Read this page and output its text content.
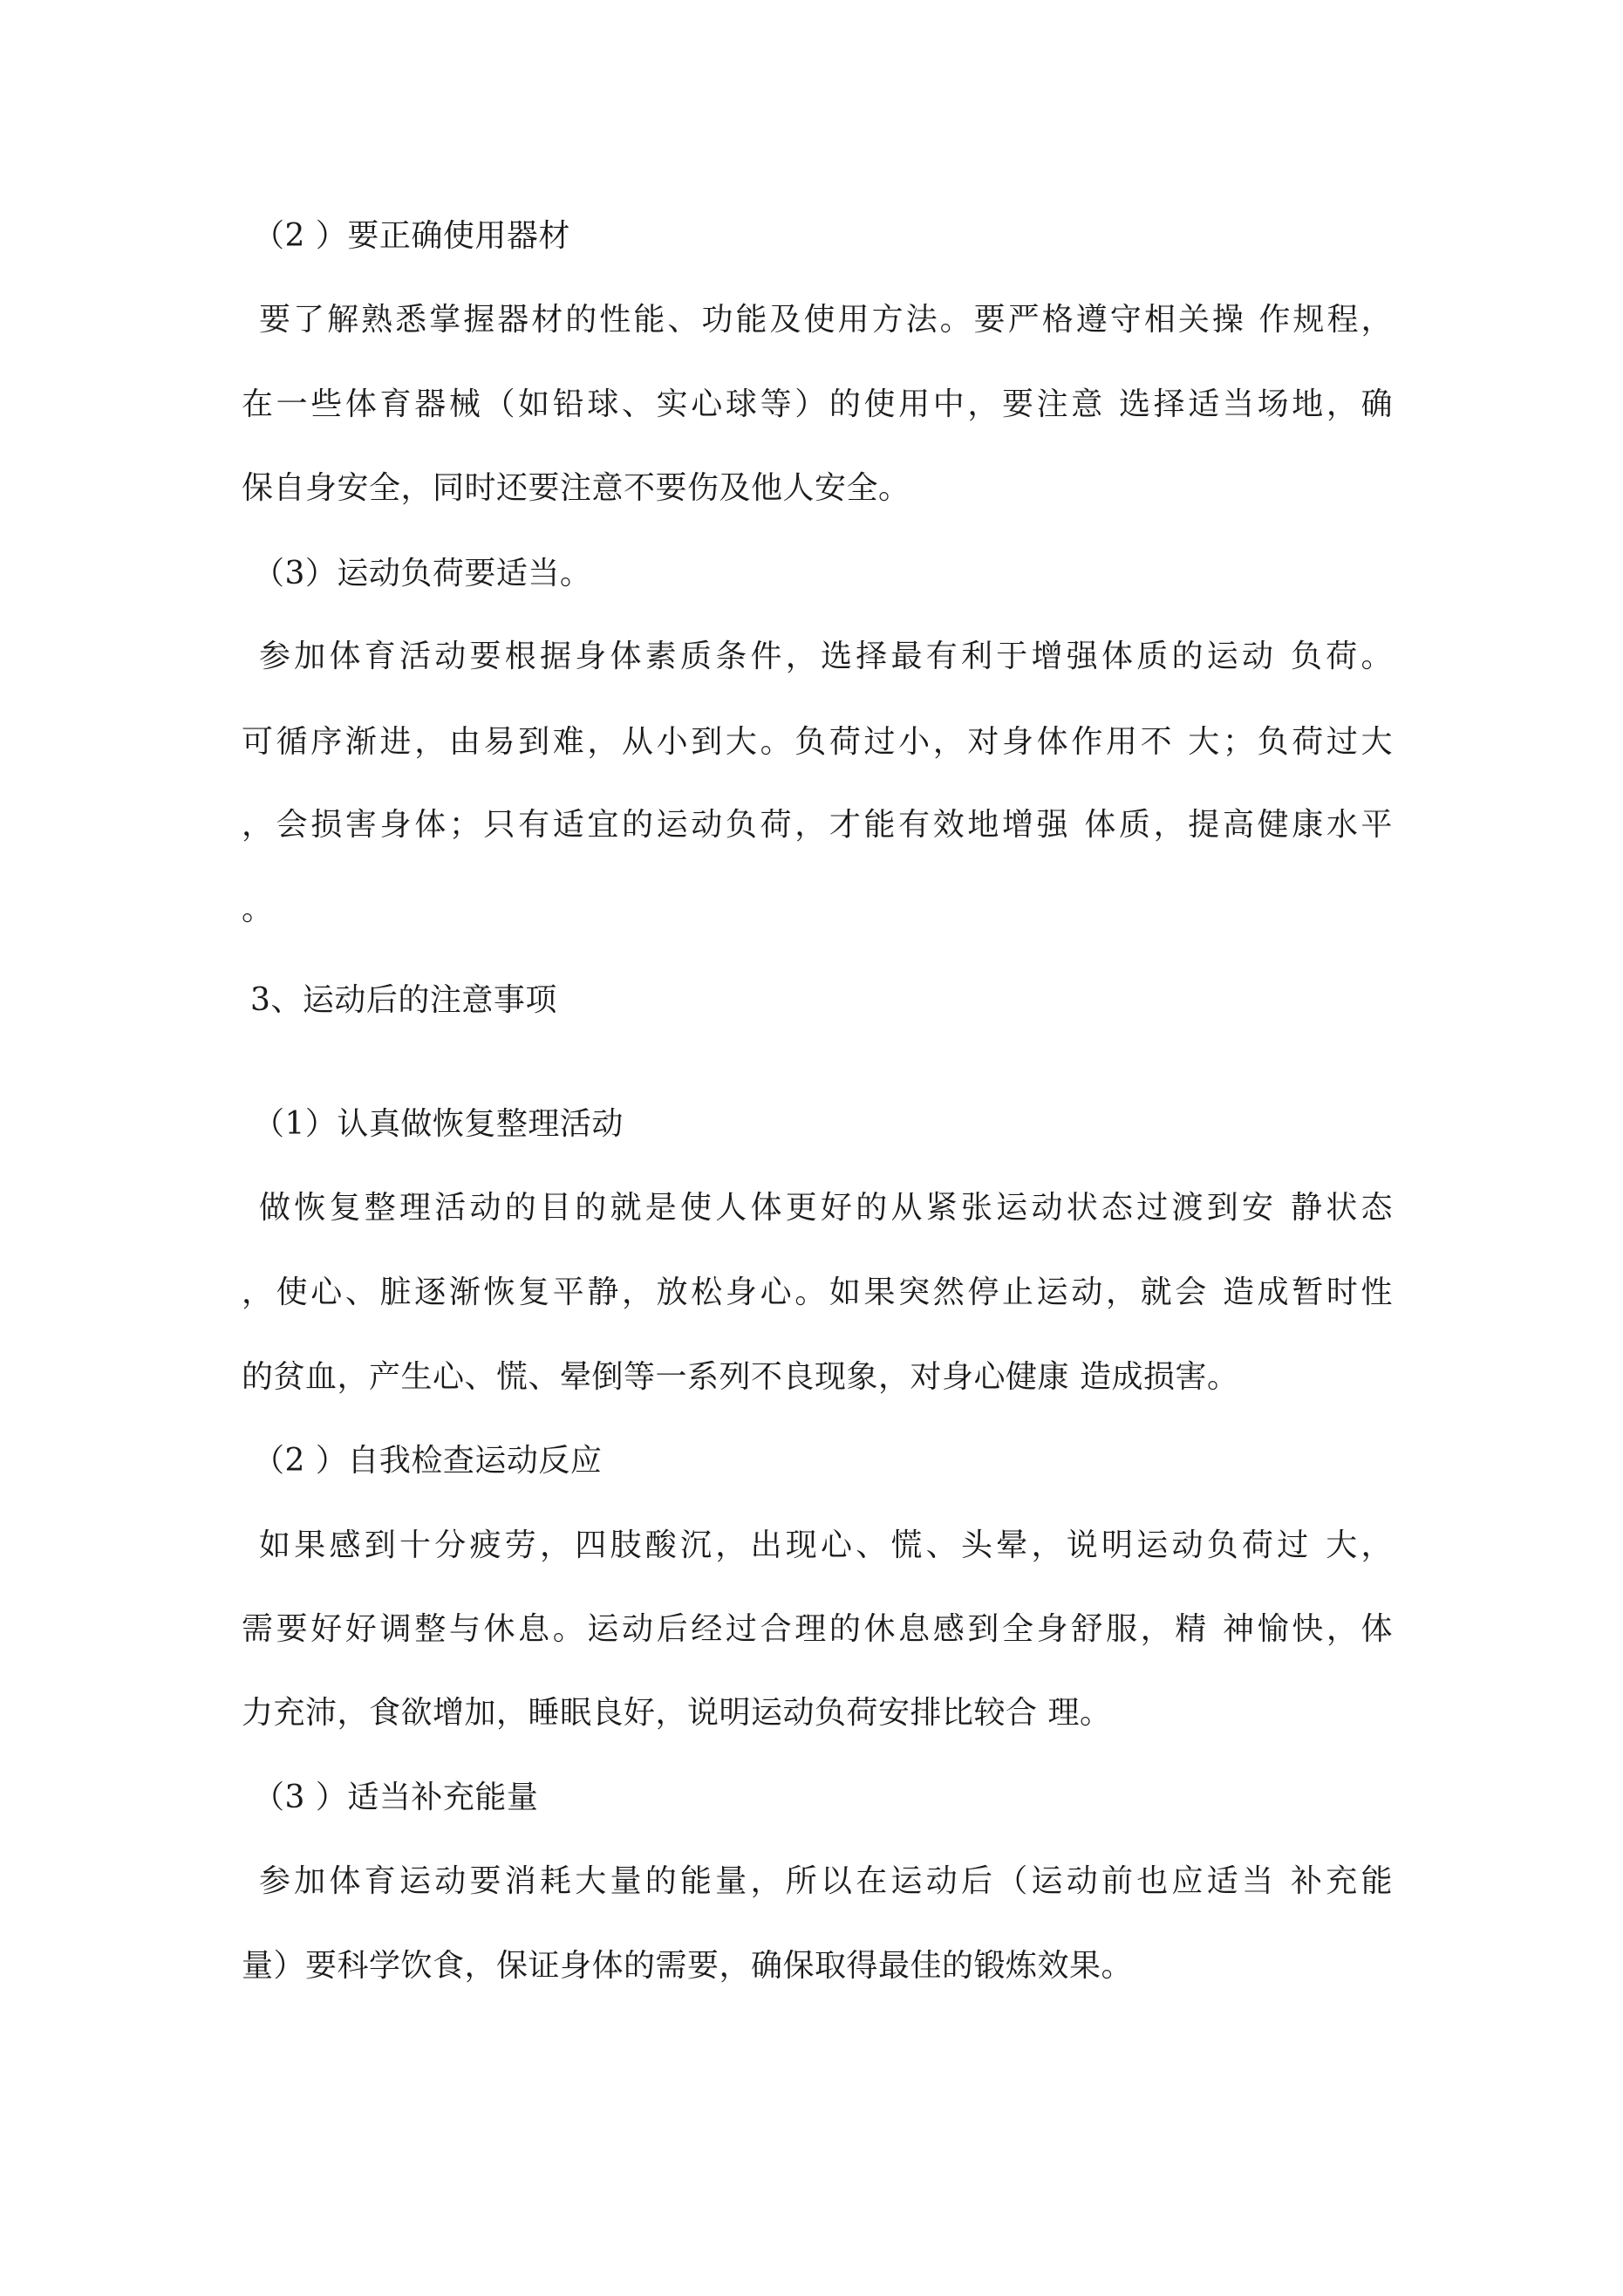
（2 ）要正确使用器材
要了解熟悉掌握器材的性能、功能及使用方法。要严格遵守相关操 作规程，
在一些体育器械（如铅球、实心球等）的使用中，要注意 选择适当场地，确
保自身安全，同时还要注意不要伤及他人安全。
（3）运动负荷要适当。
参加体育活动要根据身体素质条件，选择最有利于增强体质的运动 负荷。
可循序渐进，由易到难，从小到大。负荷过小，对身体作用不 大；负荷过大
，会损害身体；只有适宜的运动负荷，才能有效地增强 体质，提高健康水平
。
3、运动后的注意事项
（1）认真做恢复整理活动
做恢复整理活动的目的就是使人体更好的从紧张运动状态过渡到安 静状态
，使心、脏逐渐恢复平静，放松身心。如果突然停止运动，就会 造成暂时性
的贫血，产生心、慌、晕倒等一系列不良现象，对身心健康 造成损害。
（2 ）自我检查运动反应
如果感到十分疲劳，四肢酸沉，出现心、慌、头晕，说明运动负荷过 大，
需要好好调整与休息。运动后经过合理的休息感到全身舒服，精 神愉快，体
力充沛，食欲增加，睡眠良好，说明运动负荷安排比较合 理。
（3 ）适当补充能量
参加体育运动要消耗大量的能量，所以在运动后（运动前也应适当 补充能
量）要科学饮食，保证身体的需要，确保取得最佳的锻炼效果。
